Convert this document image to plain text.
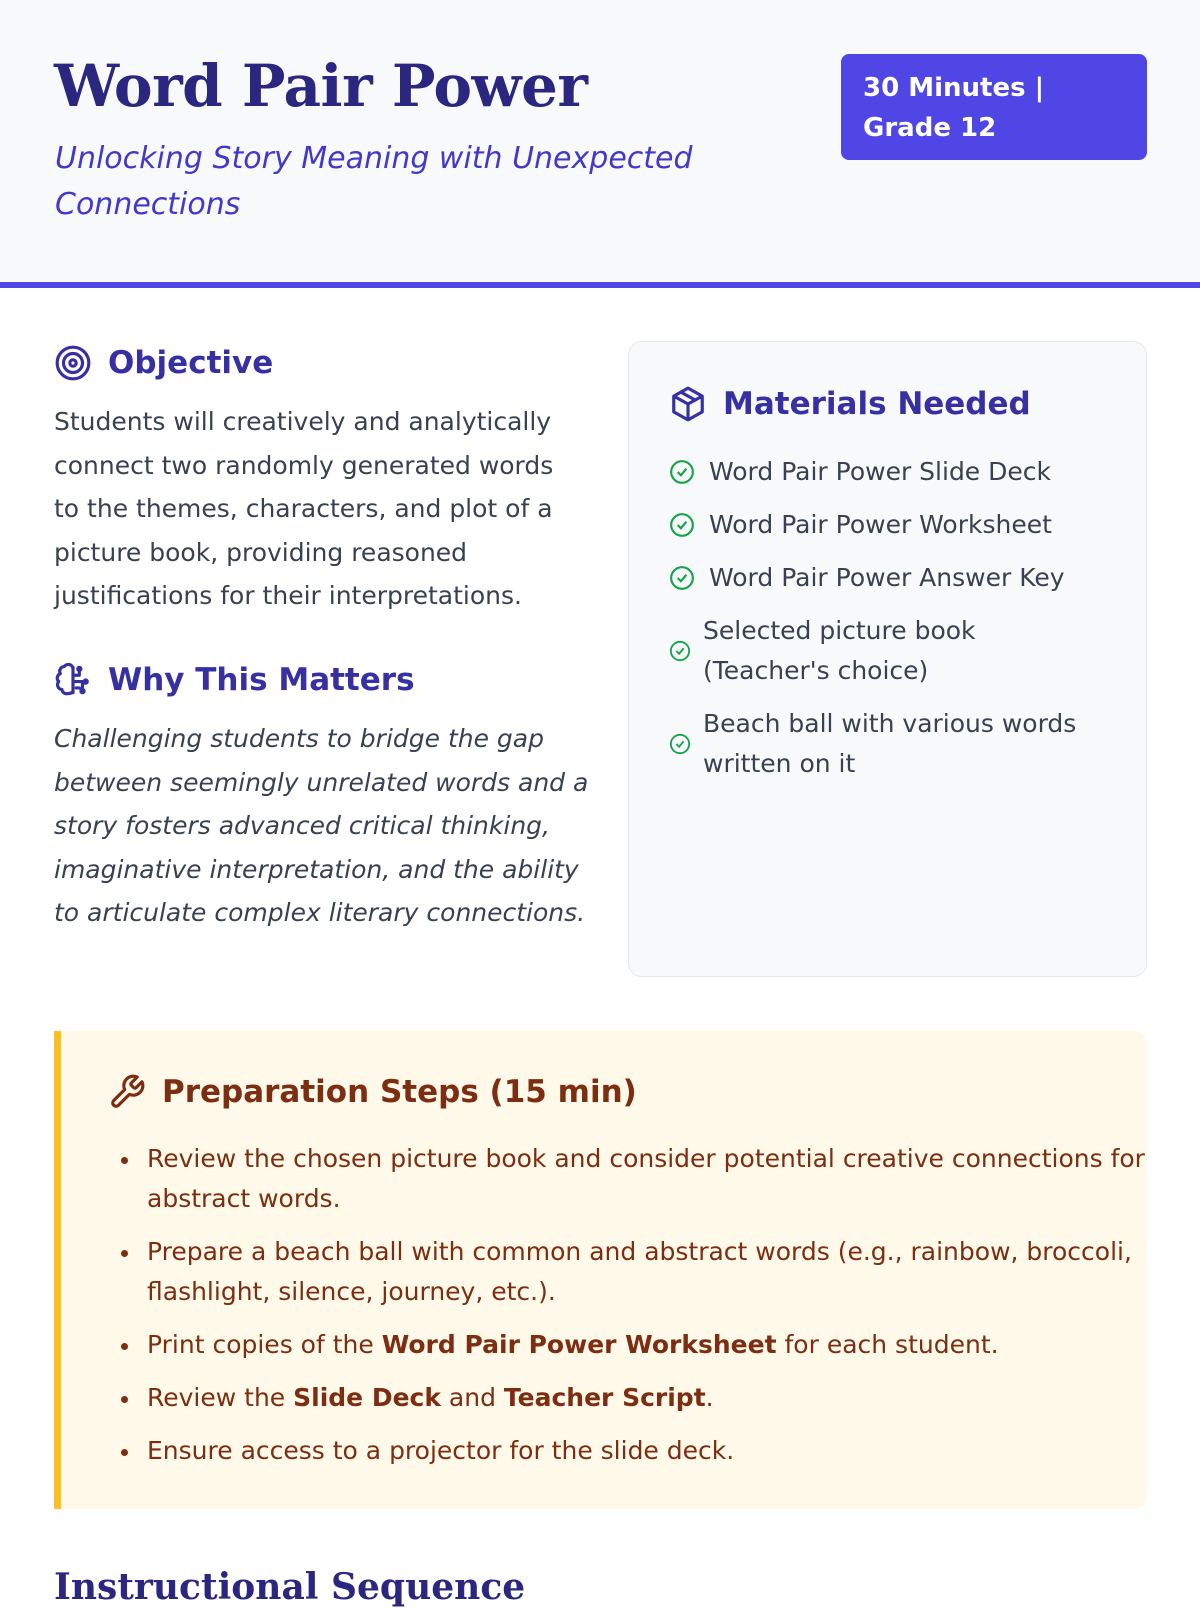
Word Pair Power
Unlocking Story Meaning with Unexpected Connections
30 Minutes | Grade 12
Objective

Students will creatively and analytically connect two randomly generated words to the themes, characters, and plot of a picture book, providing reasoned justifications for their interpretations.

Why This Matters

Challenging students to bridge the gap between seemingly unrelated words and a story fosters advanced critical thinking, imaginative interpretation, and the ability to articulate complex literary connections.

Materials Needed
Word Pair Power Slide Deck
Word Pair Power Worksheet
Word Pair Power Answer Key
Selected picture book (Teacher's choice)
Beach ball with various words written on it
Preparation Steps (15 min)
Review the chosen picture book and consider potential creative connections for abstract words.
Prepare a beach ball with common and abstract words (e.g., rainbow, broccoli, flashlight, silence, journey, etc.).
Print copies of the Word Pair Power Worksheet for each student.
Review the Slide Deck and Teacher Script.
Ensure access to a projector for the slide deck.
Instructional Sequence
